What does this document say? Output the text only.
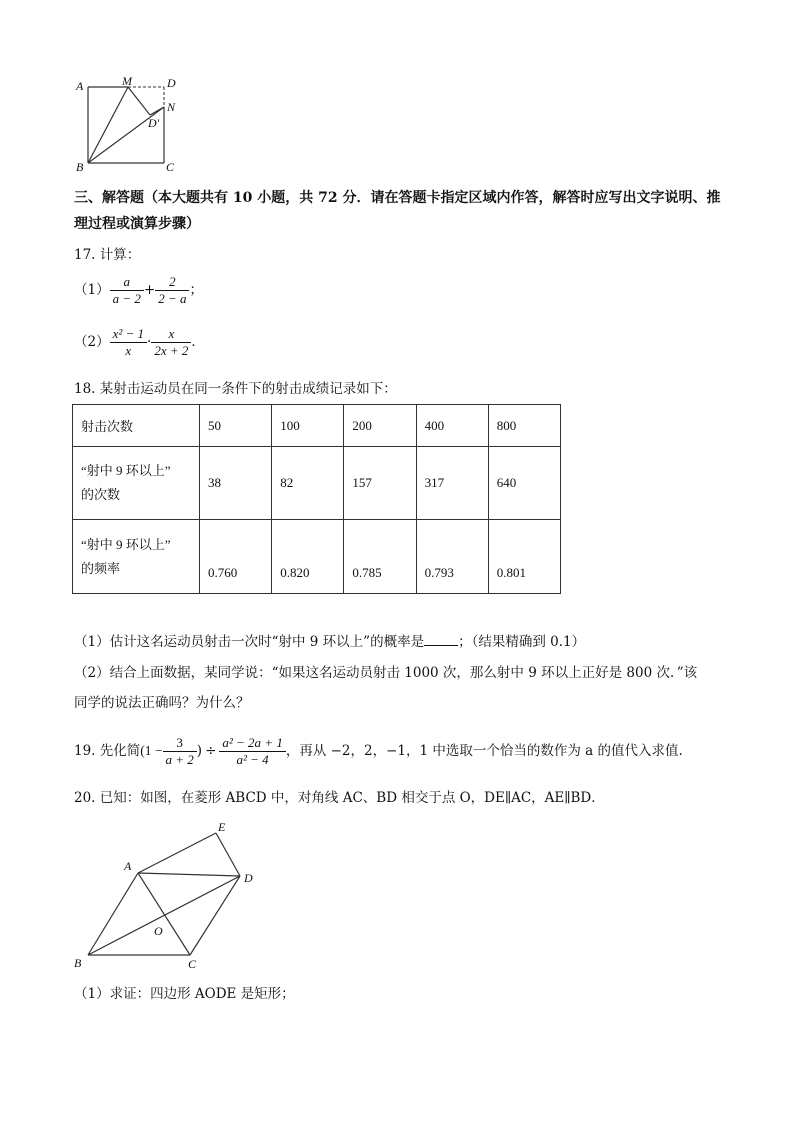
A	M	D
N
D'
B	C
三、解答题（本大题共有 10 小题，共 72 分．请在答题卡指定区域内作答，解答时应写出文字说明、推理过程或演算步骤）
17. 计算：
$(1) \frac{a}{a - 2} + \frac{2}{2 - a}$ ；
$(2) \frac{\text{x² − 1}}{x} \cdot \frac{x}{2x + 2}$ ．
18. 某射击运动员在同一条件下的射击成绩记录如下：
射击次数	50	100	200	400	800

“射中 9 环以上”
的次数	38	82	157	317	640

“射中 9 环以上”
的频率	0.760	0.820	0.785	0.793	0.801
（1）估计这名运动员射击一次时“射中 9 环以上”的概率是	；（结果精确到 0.1）
（2）结合上面数据，某同学说：“如果这名运动员射击 1000 次，那么射中 9 环以上正好是 800 次．”该
同学的说法正确吗？为什么？
19. 先化简 ($1 - \frac{3}{a + 2}$ ) ÷ $\frac{\text{a² − 2a + 1}}{\text{a² − 4}}$ ，再从 −2，2，−1，1 中选取一个恰当的数作为 a 的值代入求值.
20. 已知：如图，在菱形 ABCD 中，对角线 AC、BD 相交于点 O，DE∥AC，AE∥BD．
E
A
D
O
B	C
（1）求证：四边形 AODE 是矩形；
